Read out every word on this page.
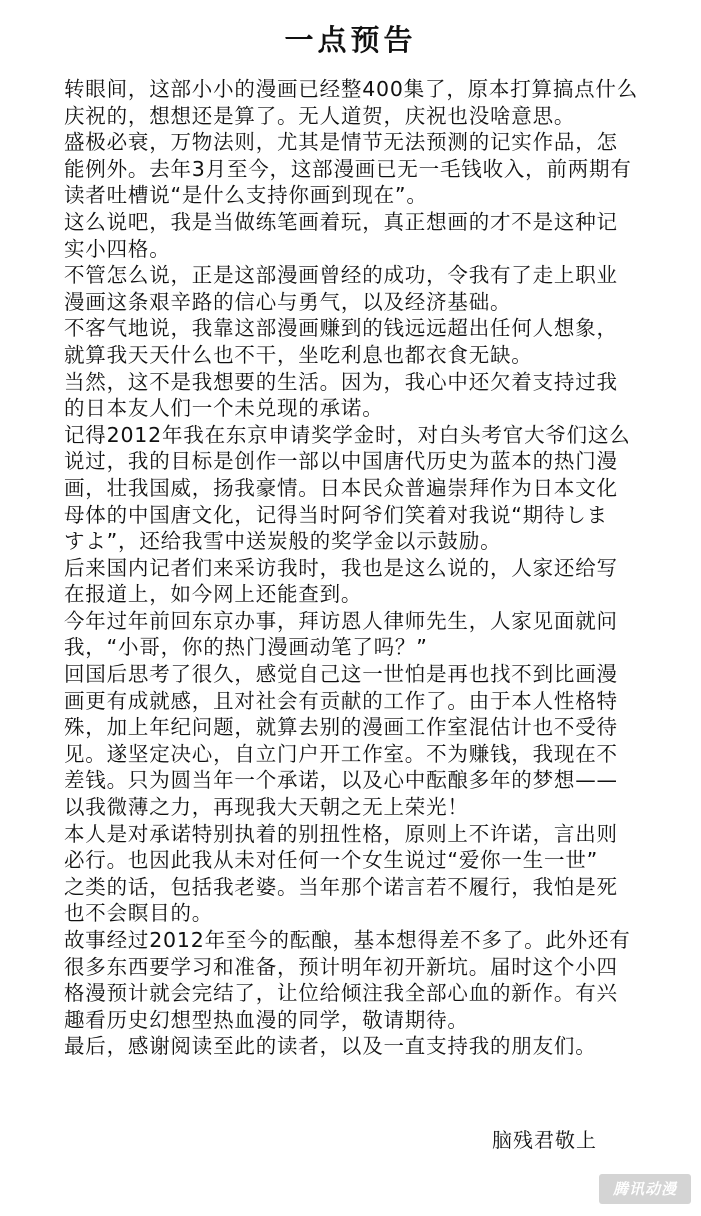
一点预告
转眼间，这部小小的漫画已经整400集了，原本打算搞点什么
庆祝的，想想还是算了。无人道贺，庆祝也没啥意思。
盛极必衰，万物法则，尤其是情节无法预测的记实作品，怎
能例外。去年3月至今，这部漫画已无一毛钱收入，前两期有
读者吐槽说“是什么支持你画到现在”。
这么说吧，我是当做练笔画着玩，真正想画的才不是这种记
实小四格。
不管怎么说，正是这部漫画曾经的成功，令我有了走上职业
漫画这条艰辛路的信心与勇气，以及经济基础。
不客气地说，我靠这部漫画赚到的钱远远超出任何人想象，
就算我天天什么也不干，坐吃利息也都衣食无缺。
当然，这不是我想要的生活。因为，我心中还欠着支持过我
的日本友人们一个未兑现的承诺。
记得2012年我在东京申请奖学金时，对白头考官大爷们这么
说过，我的目标是创作一部以中国唐代历史为蓝本的热门漫
画，壮我国威，扬我豪情。日本民众普遍崇拜作为日本文化
母体的中国唐文化，记得当时阿爷们笑着对我说“期待しま
すよ”，还给我雪中送炭般的奖学金以示鼓励。
后来国内记者们来采访我时，我也是这么说的，人家还给写
在报道上，如今网上还能查到。
今年过年前回东京办事，拜访恩人律师先生，人家见面就问
我，“小哥，你的热门漫画动笔了吗？”
回国后思考了很久，感觉自己这一世怕是再也找不到比画漫
画更有成就感，且对社会有贡献的工作了。由于本人性格特
殊，加上年纪问题，就算去别的漫画工作室混估计也不受待
见。遂坚定决心，自立门户开工作室。不为赚钱，我现在不
差钱。只为圆当年一个承诺，以及心中酝酿多年的梦想——
以我微薄之力，再现我大天朝之无上荣光！
本人是对承诺特别执着的别扭性格，原则上不许诺，言出则
必行。也因此我从未对任何一个女生说过“爱你一生一世”
之类的话，包括我老婆。当年那个诺言若不履行，我怕是死
也不会瞑目的。
故事经过2012年至今的酝酿，基本想得差不多了。此外还有
很多东西要学习和准备，预计明年初开新坑。届时这个小四
格漫预计就会完结了，让位给倾注我全部心血的新作。有兴
趣看历史幻想型热血漫的同学，敬请期待。
最后，感谢阅读至此的读者，以及一直支持我的朋友们。
脑残君敬上
腾讯动漫
